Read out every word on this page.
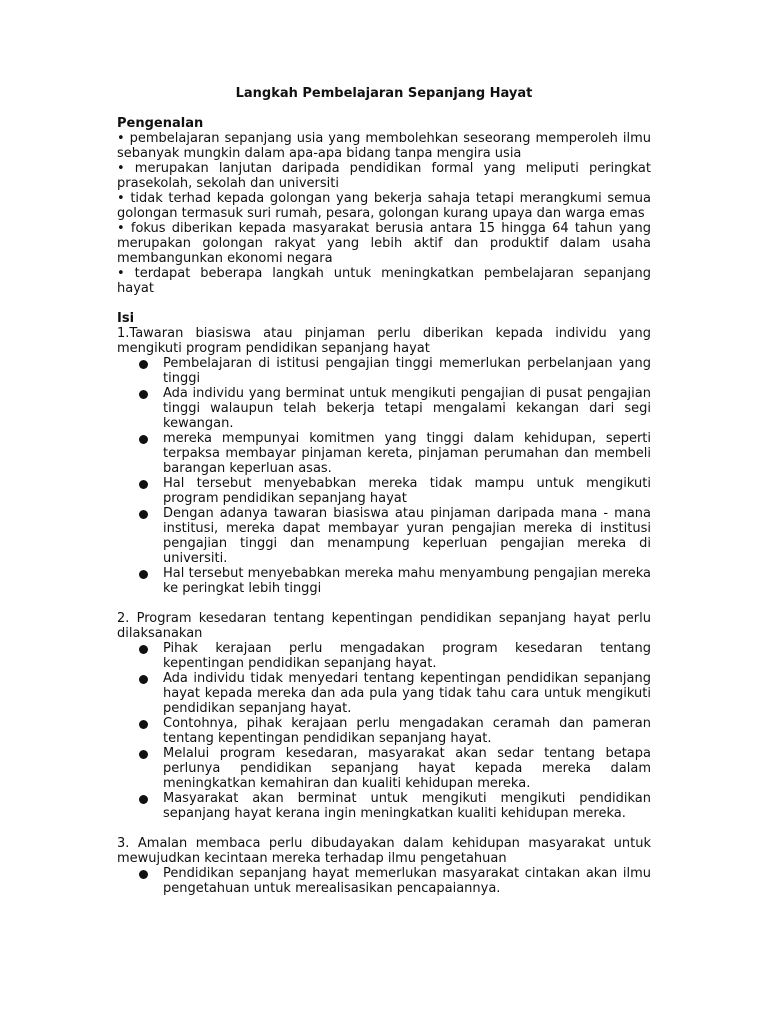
Langkah Pembelajaran Sepanjang Hayat
Pengenalan
• pembelajaran sepanjang usia yang membolehkan seseorang memperoleh ilmu sebanyak mungkin dalam apa-apa bidang tanpa mengira usia
• merupakan lanjutan daripada pendidikan formal yang meliputi peringkat prasekolah, sekolah dan universiti
• tidak terhad kepada golongan yang bekerja sahaja tetapi merangkumi semua golongan termasuk suri rumah, pesara, golongan kurang upaya dan warga emas
• fokus diberikan kepada masyarakat berusia antara 15 hingga 64 tahun yang merupakan golongan rakyat yang lebih aktif dan produktif dalam usaha membangunkan ekonomi negara
• terdapat beberapa langkah untuk meningkatkan pembelajaran sepanjang hayat
Isi
1.Tawaran biasiswa atau pinjaman perlu diberikan kepada individu yang mengikuti program pendidikan sepanjang hayat
Pembelajaran di istitusi pengajian tinggi memerlukan perbelanjaan yang tinggi
Ada individu yang berminat untuk mengikuti pengajian di pusat pengajian tinggi walaupun telah bekerja tetapi mengalami kekangan dari segi kewangan.
mereka mempunyai komitmen yang tinggi dalam kehidupan, seperti terpaksa membayar pinjaman kereta, pinjaman perumahan dan membeli barangan keperluan asas.
Hal tersebut menyebabkan mereka tidak mampu untuk mengikuti program pendidikan sepanjang hayat
Dengan adanya tawaran biasiswa atau pinjaman daripada mana - mana institusi, mereka dapat membayar yuran pengajian mereka di institusi pengajian tinggi dan menampung keperluan pengajian mereka di universiti.
Hal tersebut menyebabkan mereka mahu menyambung pengajian mereka ke peringkat lebih tinggi
2. Program kesedaran tentang kepentingan pendidikan sepanjang hayat perlu dilaksanakan
Pihak kerajaan perlu mengadakan program kesedaran tentang kepentingan pendidikan sepanjang hayat.
Ada individu tidak menyedari tentang kepentingan pendidikan sepanjang hayat kepada mereka dan ada pula yang tidak tahu cara untuk mengikuti pendidikan sepanjang hayat.
Contohnya, pihak kerajaan perlu mengadakan ceramah dan pameran tentang kepentingan pendidikan sepanjang hayat.
Melalui program kesedaran, masyarakat akan sedar tentang betapa perlunya pendidikan sepanjang hayat kepada mereka dalam meningkatkan kemahiran dan kualiti kehidupan mereka.
Masyarakat akan berminat untuk mengikuti mengikuti pendidikan sepanjang hayat kerana ingin meningkatkan kualiti kehidupan mereka.
3. Amalan membaca perlu dibudayakan dalam kehidupan masyarakat untuk mewujudkan kecintaan mereka terhadap ilmu pengetahuan
Pendidikan sepanjang hayat memerlukan masyarakat cintakan akan ilmu pengetahuan untuk merealisasikan pencapaiannya.
